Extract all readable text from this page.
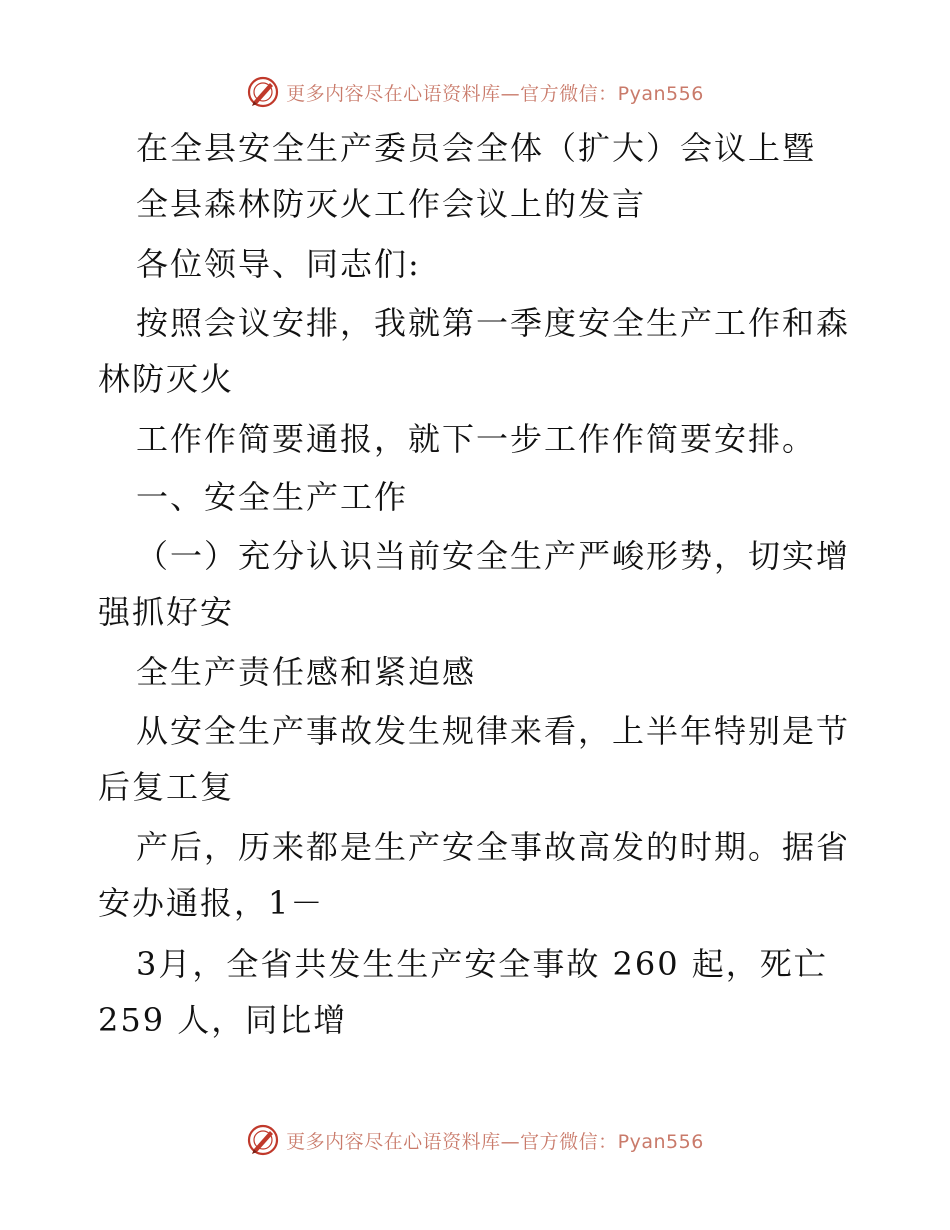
更多内容尽在心语资料库—官方微信：Pyan556
在全县安全生产委员会全体（扩大）会议上暨
全县森林防灭火工作会议上的发言
各位领导、同志们:
按照会议安排，我就第一季度安全生产工作和森
林防灭火
工作作简要通报，就下一步工作作简要安排。
一、安全生产工作
（一）充分认识当前安全生产严峻形势，切实增
强抓好安
全生产责任感和紧迫感
从安全生产事故发生规律来看，上半年特别是节
后复工复
产后，历来都是生产安全事故高发的时期。据省
安办通报，1－
3月，全省共发生生产安全事故 260 起，死亡
259 人，同比增
更多内容尽在心语资料库—官方微信：Pyan556
